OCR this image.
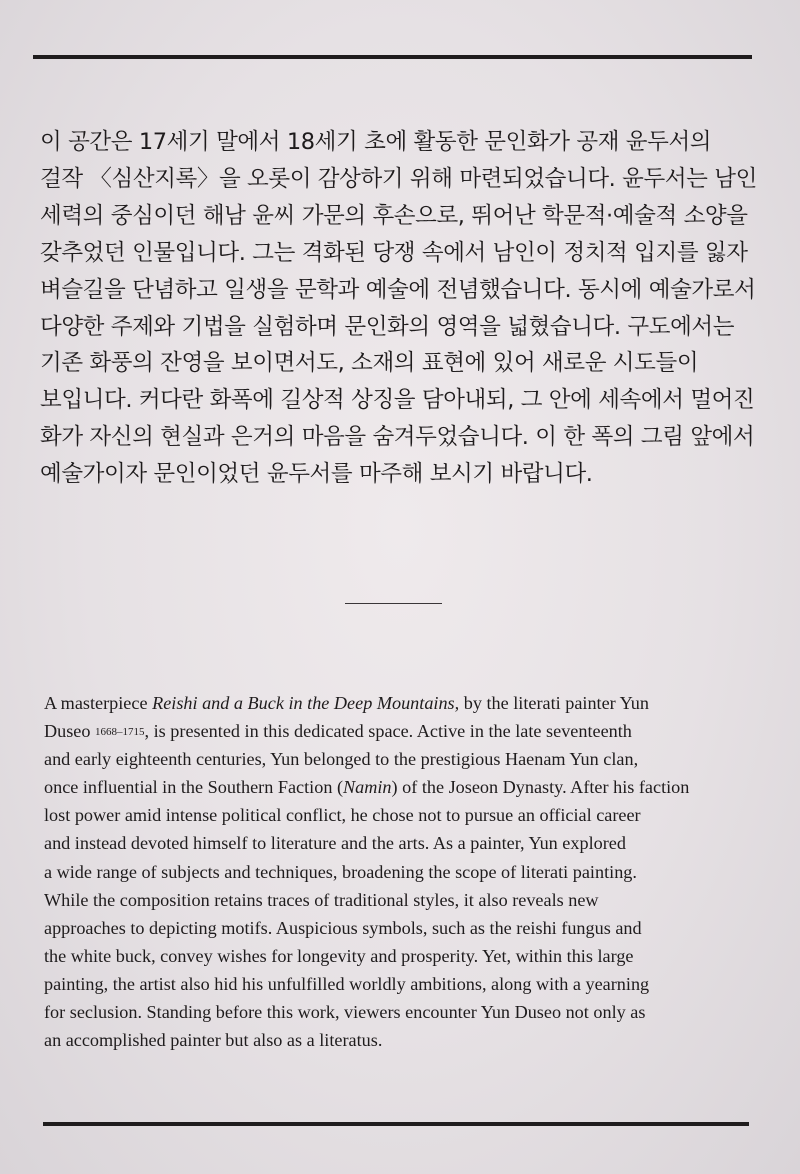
이 공간은 17세기 말에서 18세기 초에 활동한 문인화가 공재 윤두서의
걸작 〈심산지록〉을 오롯이 감상하기 위해 마련되었습니다. 윤두서는 남인
세력의 중심이던 해남 윤씨 가문의 후손으로, 뛰어난 학문적·예술적 소양을
갖추었던 인물입니다. 그는 격화된 당쟁 속에서 남인이 정치적 입지를 잃자
벼슬길을 단념하고 일생을 문학과 예술에 전념했습니다. 동시에 예술가로서
다양한 주제와 기법을 실험하며 문인화의 영역을 넓혔습니다. 구도에서는
기존 화풍의 잔영을 보이면서도, 소재의 표현에 있어 새로운 시도들이
보입니다. 커다란 화폭에 길상적 상징을 담아내되, 그 안에 세속에서 멀어진
화가 자신의 현실과 은거의 마음을 숨겨두었습니다. 이 한 폭의 그림 앞에서
예술가이자 문인이었던 윤두서를 마주해 보시기 바랍니다.
A masterpiece Reishi and a Buck in the Deep Mountains, by the literati painter Yun
Duseo $^{1668-1715}$, is presented in this dedicated space. Active in the late seventeenth
and early eighteenth centuries, Yun belonged to the prestigious Haenam Yun clan,
once influential in the Southern Faction (Namin) of the Joseon Dynasty. After his faction
lost power amid intense political conflict, he chose not to pursue an official career
and instead devoted himself to literature and the arts. As a painter, Yun explored
a wide range of subjects and techniques, broadening the scope of literati painting.
While the composition retains traces of traditional styles, it also reveals new
approaches to depicting motifs. Auspicious symbols, such as the reishi fungus and
the white buck, convey wishes for longevity and prosperity. Yet, within this large
painting, the artist also hid his unfulfilled worldly ambitions, along with a yearning
for seclusion. Standing before this work, viewers encounter Yun Duseo not only as
an accomplished painter but also as a literatus.
